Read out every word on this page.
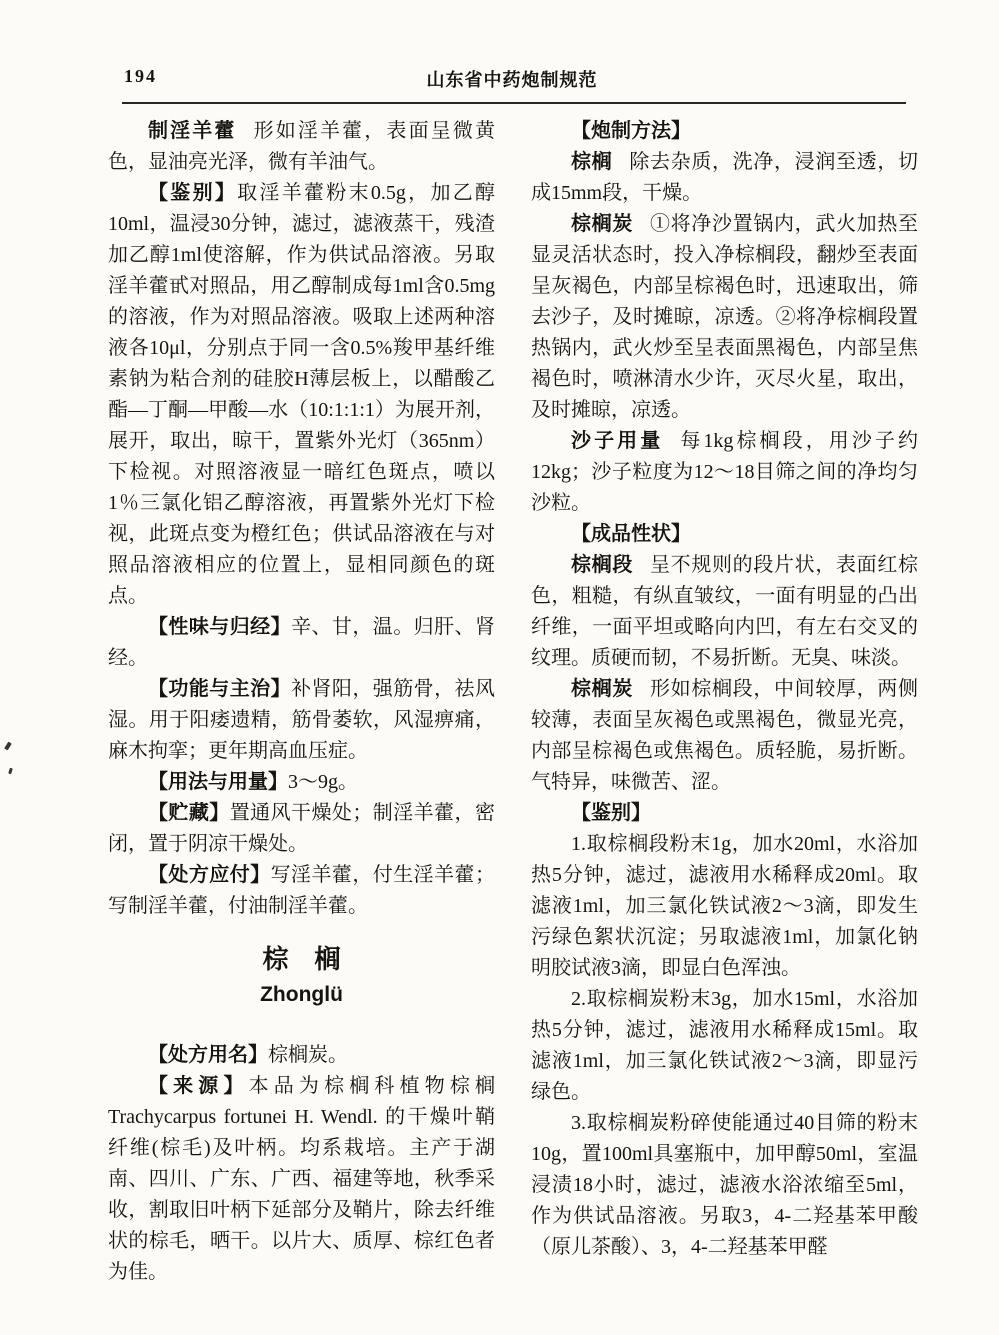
194	山东省中药炮制规范

制淫羊藿 形如淫羊藿，表面呈微黄色，显油亮光泽，微有羊油气。

【鉴别】取淫羊藿粉末0.5g，加乙醇10ml，温浸30分钟，滤过，滤液蒸干，残渣加乙醇1ml使溶解，作为供试品溶液。另取淫羊藿甙对照品，用乙醇制成每1ml含0.5mg的溶液，作为对照品溶液。吸取上述两种溶液各10μl，分别点于同一含0.5%羧甲基纤维素钠为粘合剂的硅胶H薄层板上，以醋酸乙酯—丁酮—甲酸—水（10:1:1:1）为展开剂，展开，取出，晾干，置紫外光灯（365nm）下检视。对照溶液显一暗红色斑点，喷以1％三氯化铝乙醇溶液，再置紫外光灯下检视，此斑点变为橙红色；供试品溶液在与对照品溶液相应的位置上，显相同颜色的斑点。

【性味与归经】辛、甘，温。归肝、肾经。

【功能与主治】补肾阳，强筋骨，祛风湿。用于阳痿遗精，筋骨萎软，风湿痹痛，麻木拘挛；更年期高血压症。

【用法与用量】3～9g。

【贮藏】置通风干燥处；制淫羊藿，密闭，置于阴凉干燥处。

【处方应付】写淫羊藿，付生淫羊藿；写制淫羊藿，付油制淫羊藿。

棕　榈
Zhonglü

【处方用名】棕榈炭。

【来源】本品为棕榈科植物棕榈 Trachycarpus fortunei H. Wendl. 的干燥叶鞘纤维(棕毛)及叶柄。均系栽培。主产于湖南、四川、广东、广西、福建等地，秋季采收，割取旧叶柄下延部分及鞘片，除去纤维状的棕毛，晒干。以片大、质厚、棕红色者为佳。

【炮制方法】

棕榈 除去杂质，洗净，浸润至透，切成15mm段，干燥。

棕榈炭 ①将净沙置锅内，武火加热至显灵活状态时，投入净棕榈段，翻炒至表面呈灰褐色，内部呈棕褐色时，迅速取出，筛去沙子，及时摊晾，凉透。②将净棕榈段置热锅内，武火炒至呈表面黑褐色，内部呈焦褐色时，喷淋清水少许，灭尽火星，取出，及时摊晾，凉透。

沙子用量 每1kg棕榈段，用沙子约12kg；沙子粒度为12～18目筛之间的净均匀沙粒。

【成品性状】

棕榈段 呈不规则的段片状，表面红棕色，粗糙，有纵直皱纹，一面有明显的凸出纤维，一面平坦或略向内凹，有左右交叉的纹理。质硬而韧，不易折断。无臭、味淡。

棕榈炭 形如棕榈段，中间较厚，两侧较薄，表面呈灰褐色或黑褐色，微显光亮，内部呈棕褐色或焦褐色。质轻脆，易折断。气特异，味微苦、涩。

【鉴别】

1.取棕榈段粉末1g，加水20ml，水浴加热5分钟，滤过，滤液用水稀释成20ml。取滤液1ml，加三氯化铁试液2～3滴，即发生污绿色絮状沉淀；另取滤液1ml，加氯化钠明胶试液3滴，即显白色浑浊。

2.取棕榈炭粉末3g，加水15ml，水浴加热5分钟，滤过，滤液用水稀释成15ml。取滤液1ml，加三氯化铁试液2～3滴，即显污绿色。

3.取棕榈炭粉碎使能通过40目筛的粉末10g，置100ml具塞瓶中，加甲醇50ml，室温浸渍18小时，滤过，滤液水浴浓缩至5ml，作为供试品溶液。另取3，4-二羟基苯甲酸（原儿茶酸）、3，4-二羟基苯甲醛
